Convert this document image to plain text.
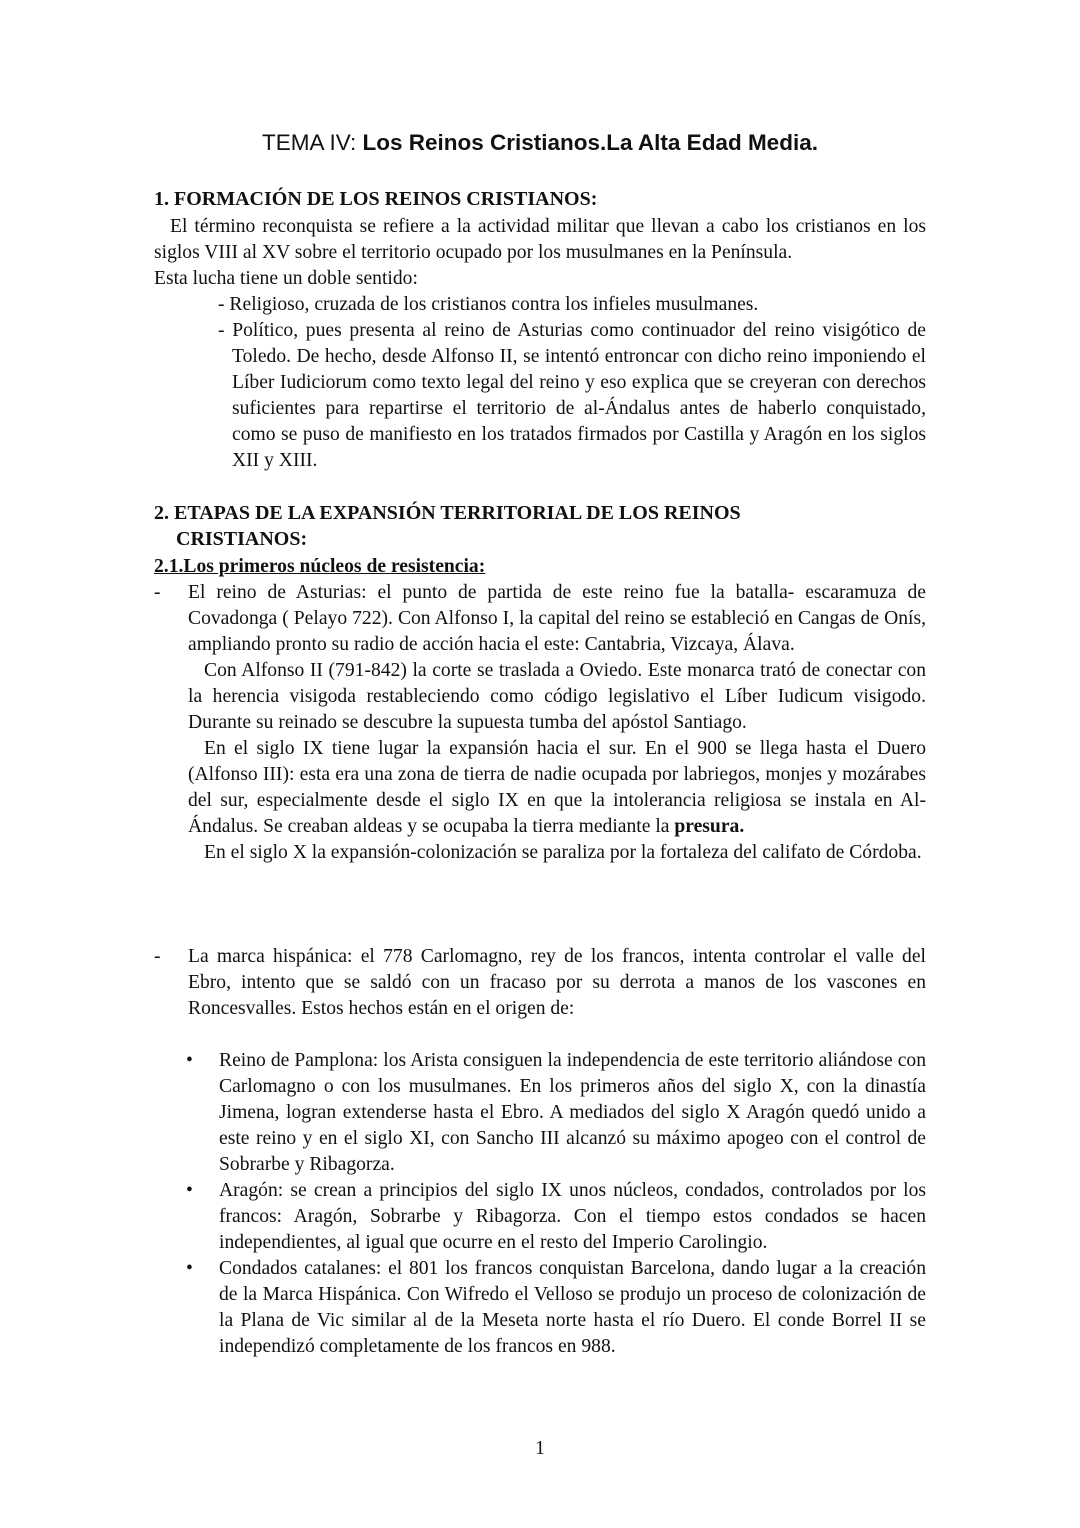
TEMA IV: Los Reinos Cristianos.La Alta Edad Media.
1. FORMACIÓN DE LOS REINOS CRISTIANOS:
El término reconquista se refiere a la actividad militar que llevan a cabo los cristianos en los siglos VIII al XV sobre el territorio ocupado por los musulmanes en la Península.
Esta lucha tiene un doble sentido:
- Religioso, cruzada de los cristianos contra los infieles musulmanes.
- Político, pues presenta al reino de Asturias como continuador del reino visigótico de Toledo. De hecho, desde Alfonso II, se intentó entroncar con dicho reino imponiendo el Líber Iudiciorum como texto legal del reino y eso explica que se creyeran con derechos suficientes para repartirse el territorio de al-Ándalus antes de haberlo conquistado, como se puso de manifiesto en los tratados firmados por Castilla y Aragón en los siglos XII y XIII.
2. ETAPAS DE LA EXPANSIÓN TERRITORIAL DE LOS REINOS
CRISTIANOS:
2.1.Los primeros núcleos de resistencia:
- El reino de Asturias: el punto de partida de este reino fue la batalla- escaramuza de Covadonga ( Pelayo 722). Con Alfonso I, la capital del reino se estableció en Cangas de Onís, ampliando pronto su radio de acción hacia el este: Cantabria, Vizcaya, Álava.
Con Alfonso II (791-842) la corte se traslada a Oviedo. Este monarca trató de conectar con la herencia visigoda restableciendo como código legislativo el Líber Iudicum visigodo. Durante su reinado se descubre la supuesta tumba del apóstol Santiago.
En el siglo IX tiene lugar la expansión hacia el sur. En el 900 se llega hasta el Duero (Alfonso III): esta era una zona de tierra de nadie ocupada por labriegos, monjes y mozárabes del sur, especialmente desde el siglo IX en que la intolerancia religiosa se instala en Al-Ándalus. Se creaban aldeas y se ocupaba la tierra mediante la presura.
En el siglo X la expansión-colonización se paraliza por la fortaleza del califato de Córdoba.
- La marca hispánica: el 778 Carlomagno, rey de los francos, intenta controlar el valle del Ebro, intento que se saldó con un fracaso por su derrota a manos de los vascones en Roncesvalles. Estos hechos están en el origen de:
• Reino de Pamplona: los Arista consiguen la independencia de este territorio aliándose con Carlomagno o con los musulmanes. En los primeros años del siglo X, con la dinastía Jimena, logran extenderse hasta el Ebro. A mediados del siglo X Aragón quedó unido a este reino y en el siglo XI, con Sancho III alcanzó su máximo apogeo con el control de Sobrarbe y Ribagorza.
• Aragón: se crean a principios del siglo IX unos núcleos, condados, controlados por los francos: Aragón, Sobrarbe y Ribagorza. Con el tiempo estos condados se hacen independientes, al igual que ocurre en el resto del Imperio Carolingio.
• Condados catalanes: el 801 los francos conquistan Barcelona, dando lugar a la creación de la Marca Hispánica. Con Wifredo el Velloso se produjo un proceso de colonización de la Plana de Vic similar al de la Meseta norte hasta el río Duero. El conde Borrel II se independizó completamente de los francos en 988.
1
